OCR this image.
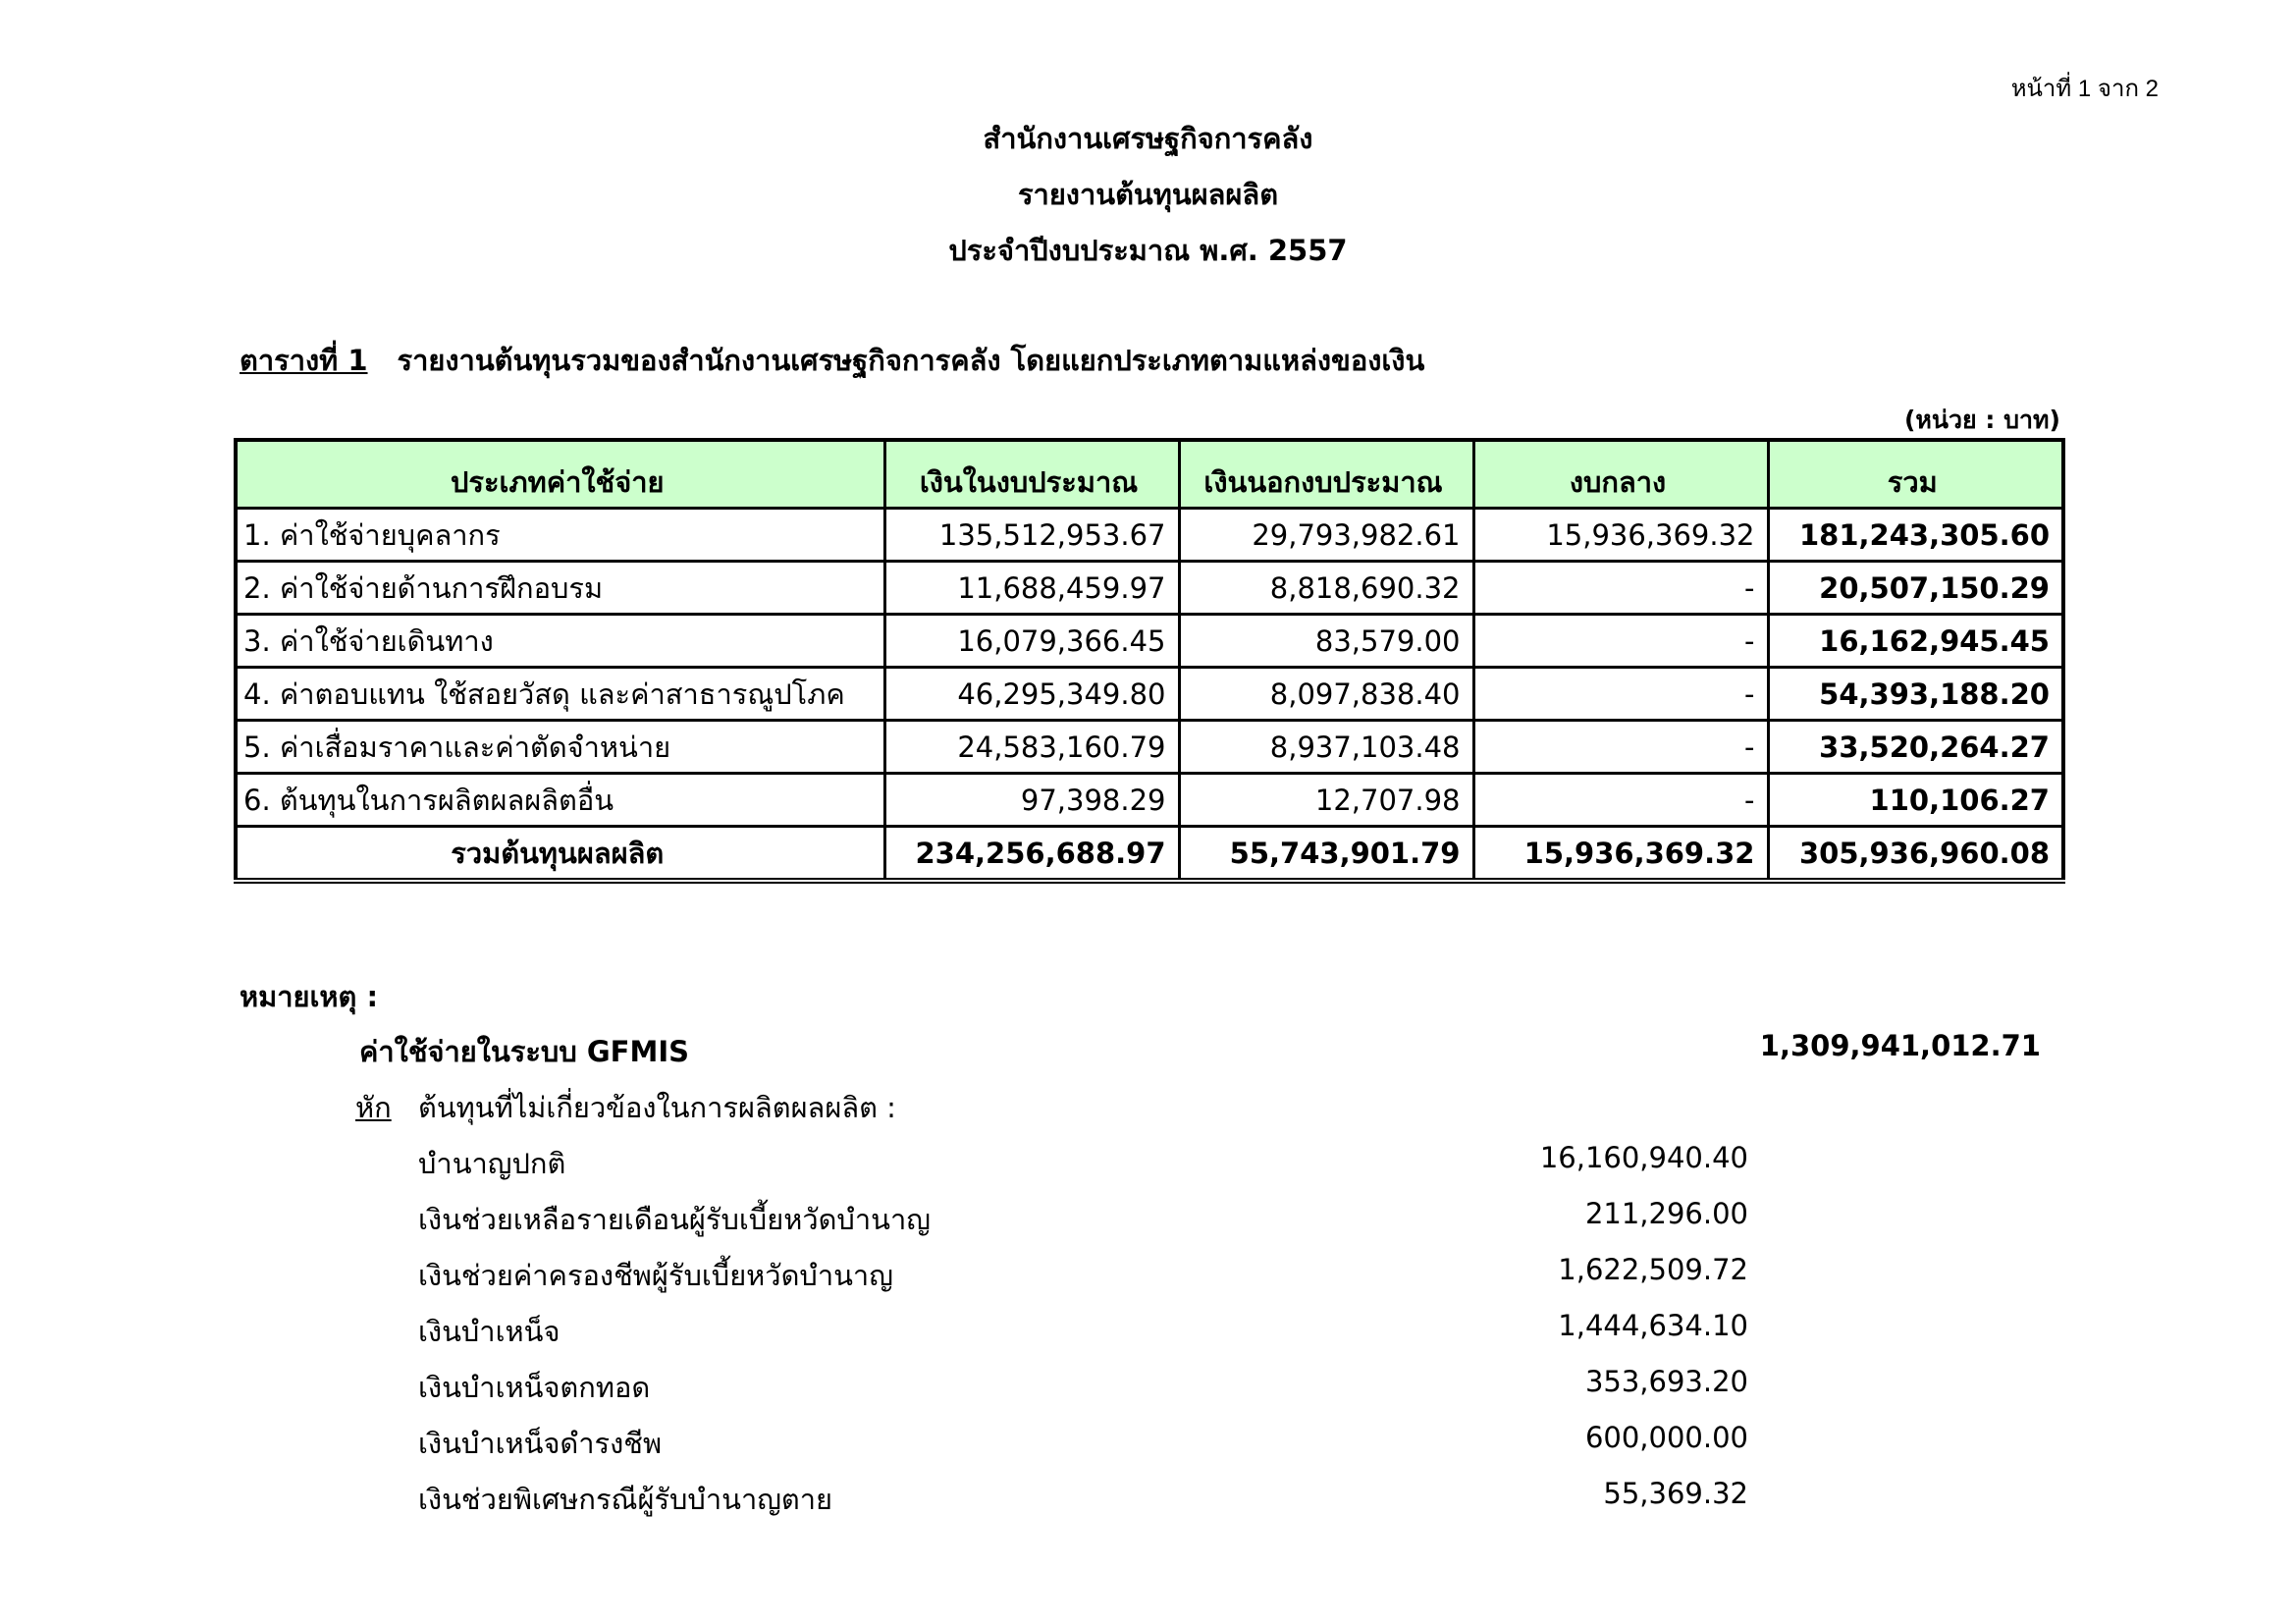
หน้าที่ 1 จาก 2
สำนักงานเศรษฐกิจการคลัง
รายงานต้นทุนผลผลิต
ประจำปีงบประมาณ พ.ศ. 2557
ตารางที่ 1 รายงานต้นทุนรวมของสำนักงานเศรษฐกิจการคลัง โดยแยกประเภทตามแหล่งของเงิน
(หน่วย : บาท)
ประเภทค่าใช้จ่าย	เงินในงบประมาณ	เงินนอกงบประมาณ	งบกลาง	รวม
1. ค่าใช้จ่ายบุคลากร	135,512,953.67	29,793,982.61	15,936,369.32	181,243,305.60
2. ค่าใช้จ่ายด้านการฝึกอบรม	11,688,459.97	8,818,690.32	-	20,507,150.29
3. ค่าใช้จ่ายเดินทาง	16,079,366.45	83,579.00	-	16,162,945.45
4. ค่าตอบแทน ใช้สอยวัสดุ และค่าสาธารณูปโภค	46,295,349.80	8,097,838.40	-	54,393,188.20
5. ค่าเสื่อมราคาและค่าตัดจำหน่าย	24,583,160.79	8,937,103.48	-	33,520,264.27
6. ต้นทุนในการผลิตผลผลิตอื่น	97,398.29	12,707.98	-	110,106.27
รวมต้นทุนผลผลิต	234,256,688.97	55,743,901.79	15,936,369.32	305,936,960.08
หมายเหตุ :
ค่าใช้จ่ายในระบบ GFMIS	1,309,941,012.71
หัก ต้นทุนที่ไม่เกี่ยวข้องในการผลิตผลผลิต :
บำนาญปกติ	16,160,940.40
เงินช่วยเหลือรายเดือนผู้รับเบี้ยหวัดบำนาญ	211,296.00
เงินช่วยค่าครองชีพผู้รับเบี้ยหวัดบำนาญ	1,622,509.72
เงินบำเหน็จ	1,444,634.10
เงินบำเหน็จตกทอด	353,693.20
เงินบำเหน็จดำรงชีพ	600,000.00
เงินช่วยพิเศษกรณีผู้รับบำนาญตาย	55,369.32
